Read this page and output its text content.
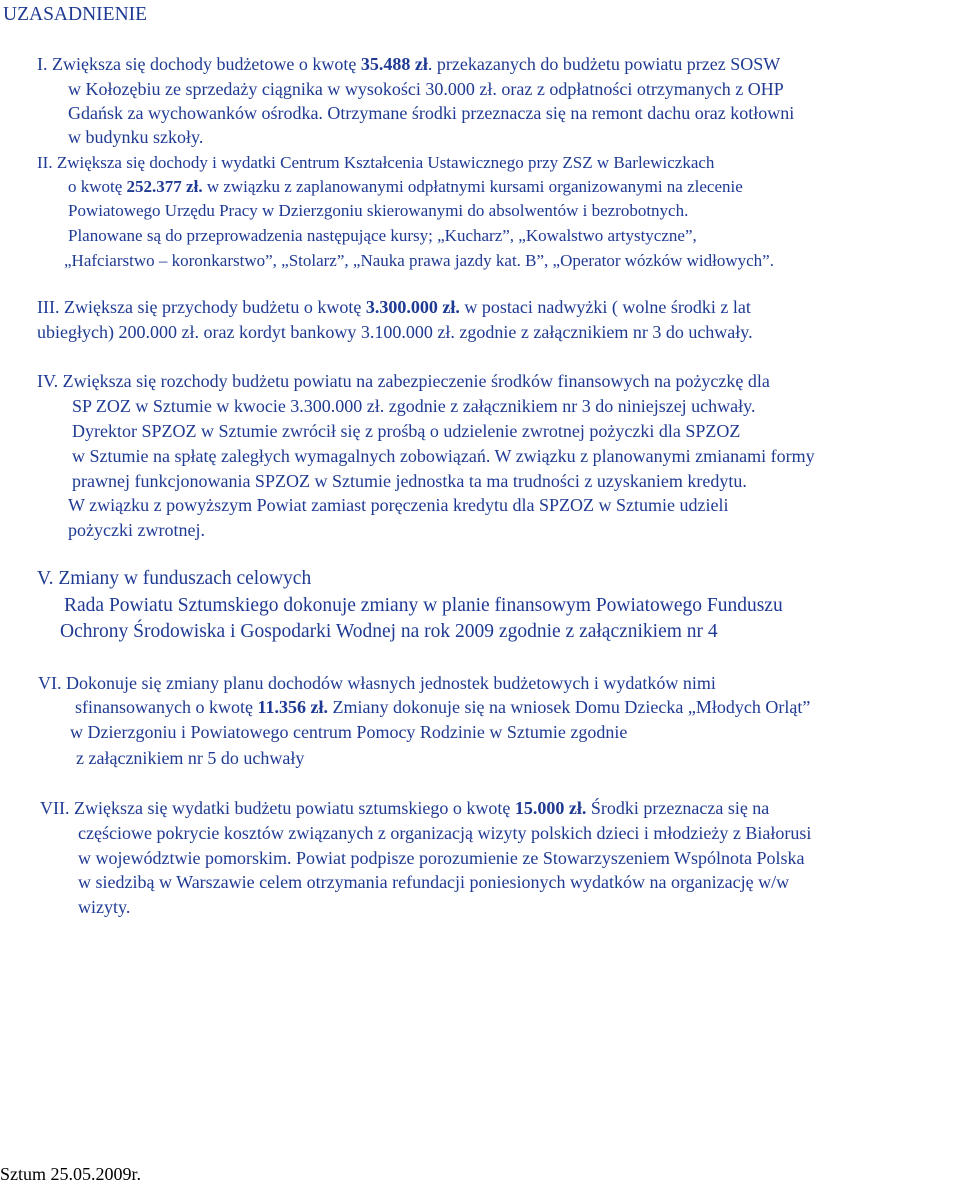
UZASADNIENIE
I. Zwiększa się dochody budżetowe o kwotę 35.488 zł. przekazanych do budżetu powiatu przez SOSW
w Kołozębiu ze sprzedaży ciągnika w wysokości 30.000 zł. oraz z odpłatności otrzymanych z OHP
Gdańsk za wychowanków ośrodka. Otrzymane środki przeznacza się na remont dachu oraz kotłowni
w budynku szkoły.
II. Zwiększa się dochody i wydatki Centrum Kształcenia Ustawicznego przy ZSZ w Barlewiczkach
o kwotę 252.377 zł. w związku z zaplanowanymi odpłatnymi kursami organizowanymi na zlecenie
Powiatowego Urzędu Pracy w Dzierzgoniu skierowanymi do absolwentów i bezrobotnych.
Planowane są do przeprowadzenia następujące kursy; „Kucharz”, „Kowalstwo artystyczne”,
„Hafciarstwo – koronkarstwo”, „Stolarz”, „Nauka prawa jazdy kat. B”, „Operator wózków widłowych”.
III. Zwiększa się przychody budżetu o kwotę 3.300.000 zł. w postaci nadwyżki ( wolne środki z lat
ubiegłych) 200.000 zł. oraz kordyt bankowy 3.100.000 zł. zgodnie z załącznikiem nr 3 do uchwały.
IV. Zwiększa się rozchody budżetu powiatu na zabezpieczenie środków finansowych na pożyczkę dla
SP ZOZ w Sztumie w kwocie 3.300.000 zł. zgodnie z załącznikiem nr 3 do niniejszej uchwały.
Dyrektor SPZOZ w Sztumie zwrócił się z prośbą o udzielenie zwrotnej pożyczki dla SPZOZ
w Sztumie na spłatę zaległych wymagalnych zobowiązań. W związku z planowanymi zmianami formy
prawnej funkcjonowania SPZOZ w Sztumie jednostka ta ma trudności z uzyskaniem kredytu.
W związku z powyższym Powiat zamiast poręczenia kredytu dla SPZOZ w Sztumie udzieli
pożyczki zwrotnej.
V. Zmiany w funduszach celowych
Rada Powiatu Sztumskiego dokonuje zmiany w planie finansowym Powiatowego Funduszu
Ochrony Środowiska i Gospodarki Wodnej na rok 2009 zgodnie z załącznikiem nr 4
VI. Dokonuje się zmiany planu dochodów własnych jednostek budżetowych i wydatków nimi
sfinansowanych o kwotę 11.356 zł. Zmiany dokonuje się na wniosek Domu Dziecka „Młodych Orląt”
w Dzierzgoniu i Powiatowego centrum Pomocy Rodzinie w Sztumie zgodnie
z załącznikiem nr 5 do uchwały
VII. Zwiększa się wydatki budżetu powiatu sztumskiego o kwotę 15.000 zł. Środki przeznacza się na
częściowe pokrycie kosztów związanych z organizacją wizyty polskich dzieci i młodzieży z Białorusi
w województwie pomorskim. Powiat podpisze porozumienie ze Stowarzyszeniem Wspólnota Polska
w siedzibą w Warszawie celem otrzymania refundacji poniesionych wydatków na organizację w/w
wizyty.
Sztum 25.05.2009r.
